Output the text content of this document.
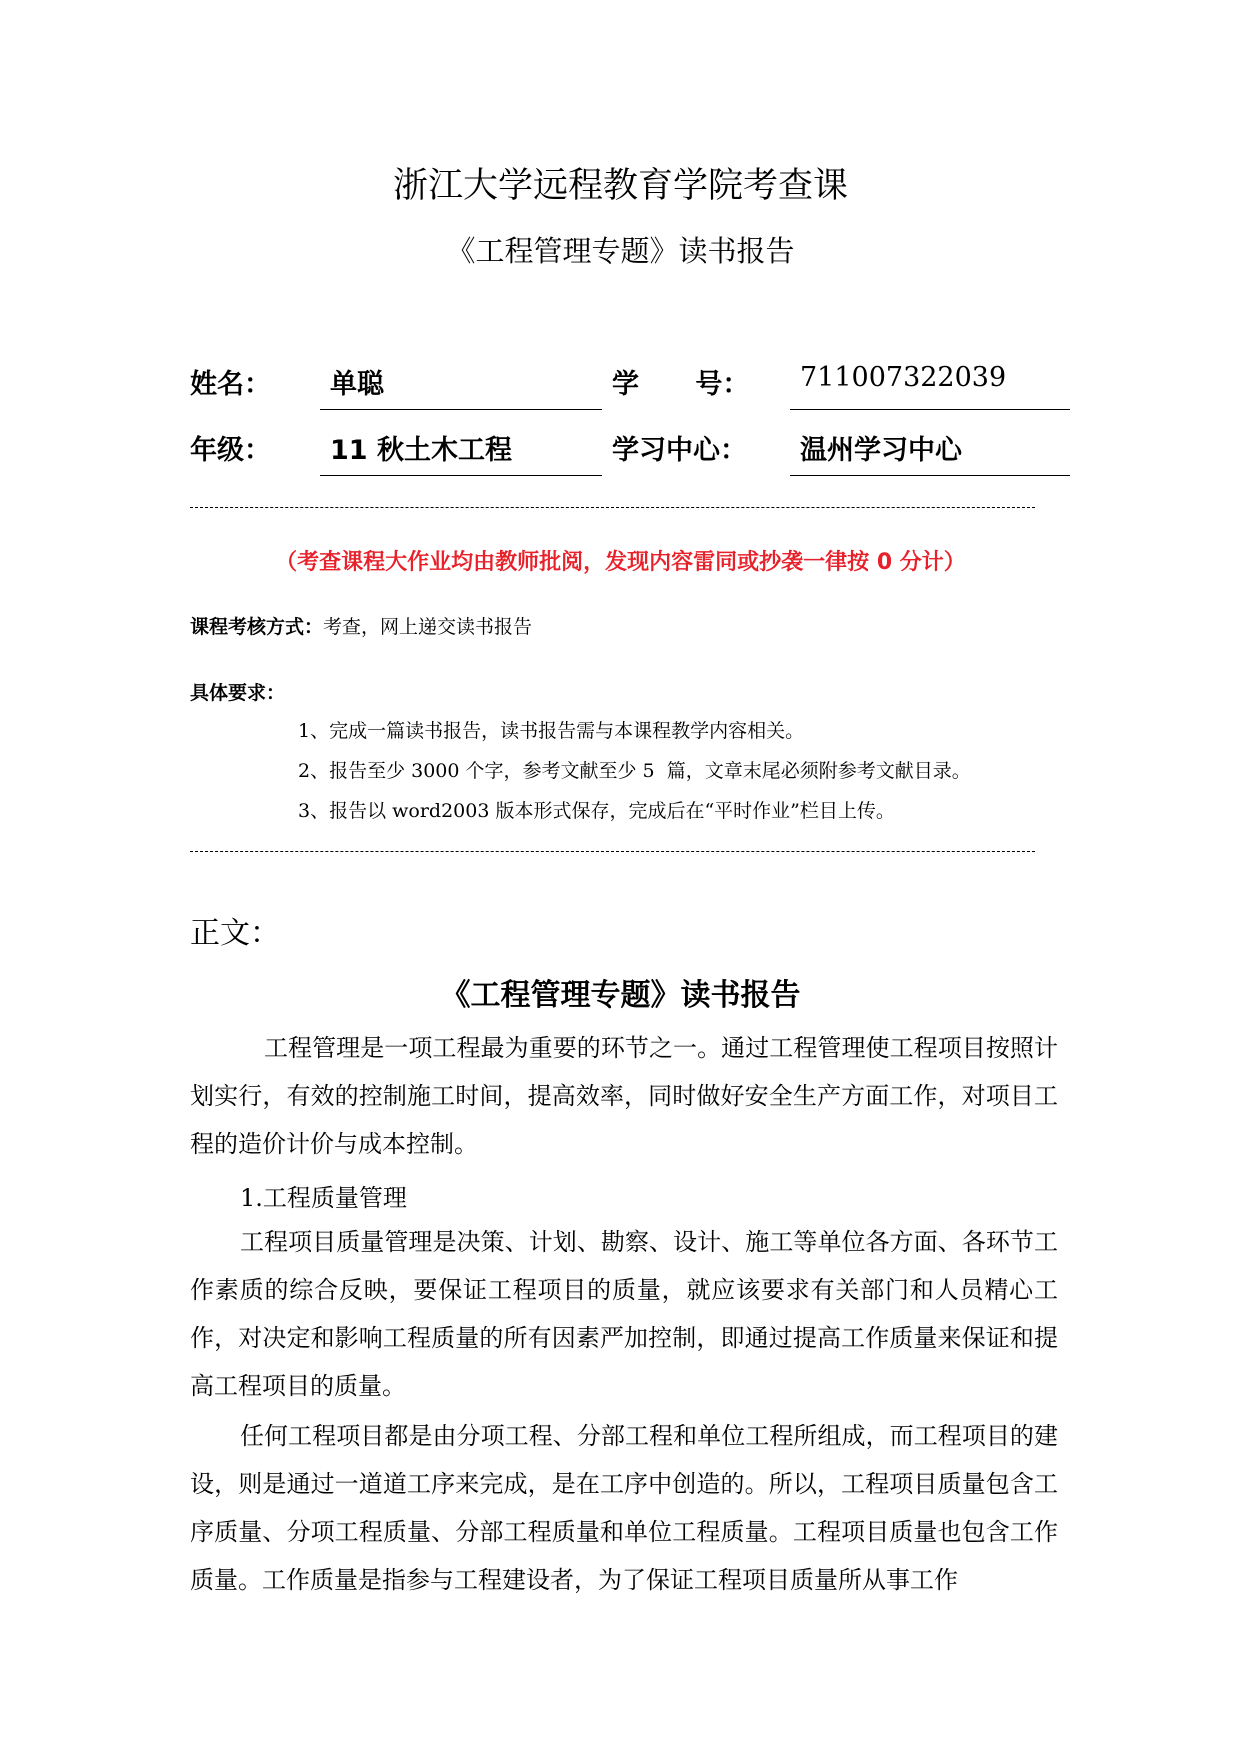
浙江大学远程教育学院考查课
《工程管理专题》读书报告
姓名： 单聪	学      号： 711007322039
年级： 11 秋土木工程	学习中心： 温州学习中心
（考查课程大作业均由教师批阅，发现内容雷同或抄袭一律按 0 分计）
课程考核方式：考查，网上递交读书报告
具体要求：
1、完成一篇读书报告，读书报告需与本课程教学内容相关。
2、报告至少 3000 个字，参考文献至少 5  篇，文章末尾必须附参考文献目录。
3、报告以 word2003 版本形式保存，完成后在“平时作业”栏目上传。
正文：
《工程管理专题》读书报告
工程管理是一项工程最为重要的环节之一。通过工程管理使工程项目按照计划实行，有效的控制施工时间，提高效率，同时做好安全生产方面工作，对项目工程的造价计价与成本控制。
1.工程质量管理
工程项目质量管理是决策、计划、勘察、设计、施工等单位各方面、各环节工作素质的综合反映，要保证工程项目的质量，就应该要求有关部门和人员精心工作，对决定和影响工程质量的所有因素严加控制，即通过提高工作质量来保证和提高工程项目的质量。
任何工程项目都是由分项工程、分部工程和单位工程所组成，而工程项目的建设，则是通过一道道工序来完成，是在工序中创造的。所以，工程项目质量包含工序质量、分项工程质量、分部工程质量和单位工程质量。工程项目质量也包含工作质量。工作质量是指参与工程建设者，为了保证工程项目质量所从事工作
